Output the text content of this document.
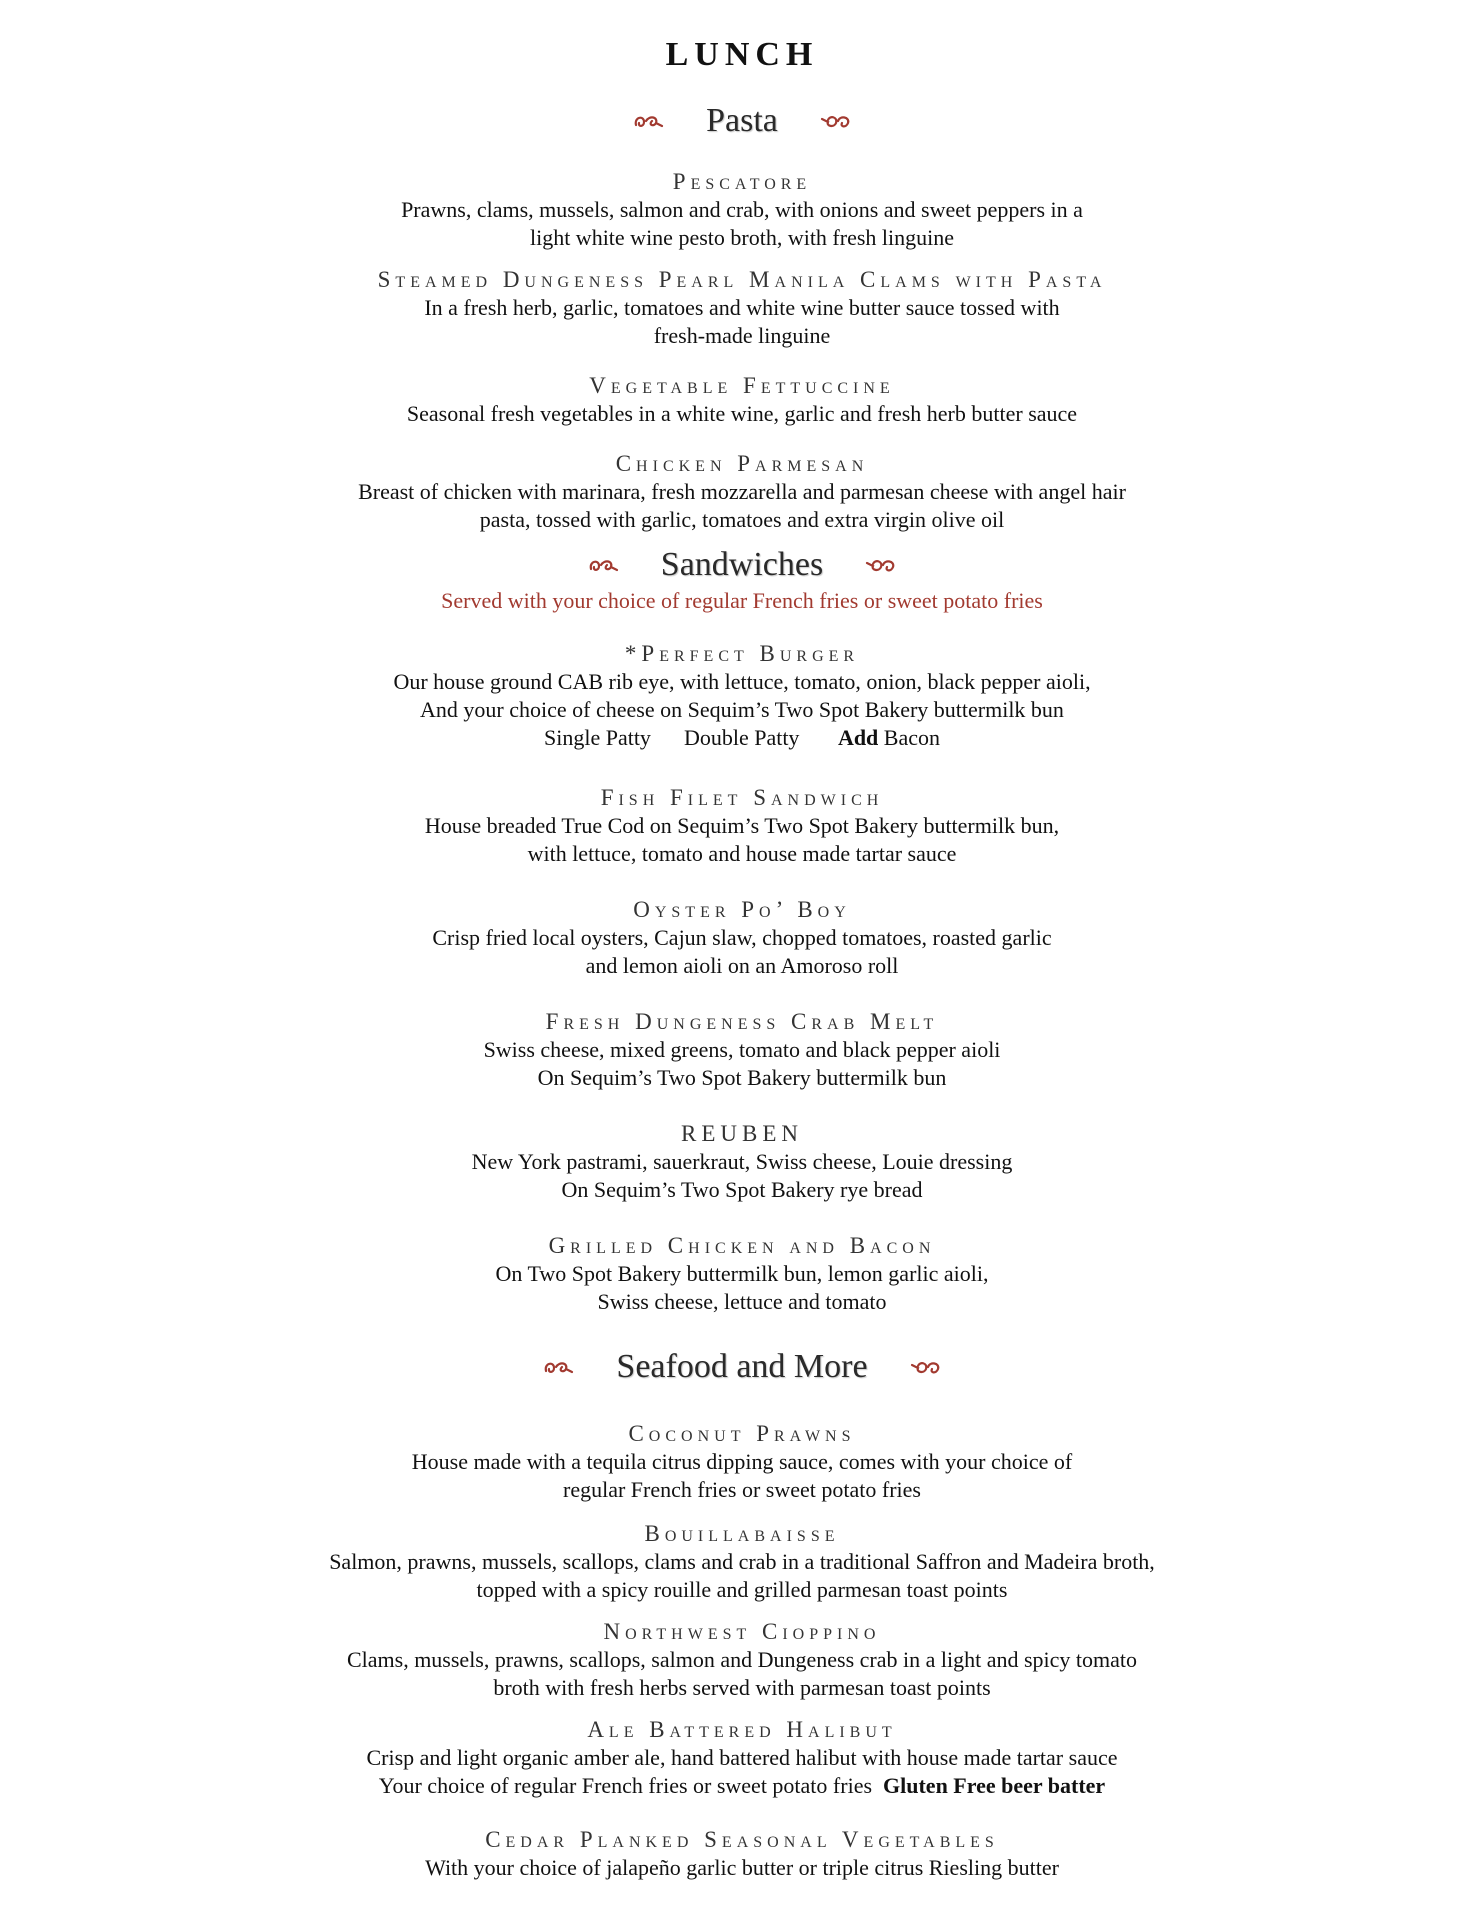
LUNCH
Pasta
Pescatore
Prawns, clams, mussels, salmon and crab, with onions and sweet peppers in a
light white wine pesto broth, with fresh linguine
Steamed Dungeness Pearl Manila Clams with Pasta
In a fresh herb, garlic, tomatoes and white wine butter sauce tossed with
fresh-made linguine
Vegetable Fettuccine
Seasonal fresh vegetables in a white wine, garlic and fresh herb butter sauce
Chicken Parmesan
Breast of chicken with marinara, fresh mozzarella and parmesan cheese with angel hair
pasta, tossed with garlic, tomatoes and extra virgin olive oil
Sandwiches
Served with your choice of regular French fries or sweet potato fries
*Perfect Burger
Our house ground CAB rib eye, with lettuce, tomato, onion, black pepper aioli,
And your choice of cheese on Sequim’s Two Spot Bakery buttermilk bun
Single Patty Double Patty Add Bacon
Fish Filet Sandwich
House breaded True Cod on Sequim’s Two Spot Bakery buttermilk bun,
with lettuce, tomato and house made tartar sauce
Oyster Po’ Boy
Crisp fried local oysters, Cajun slaw, chopped tomatoes, roasted garlic
and lemon aioli on an Amoroso roll
Fresh Dungeness Crab Melt
Swiss cheese, mixed greens, tomato and black pepper aioli
On Sequim’s Two Spot Bakery buttermilk bun
REUBEN
New York pastrami, sauerkraut, Swiss cheese, Louie dressing
On Sequim’s Two Spot Bakery rye bread
Grilled Chicken and Bacon
On Two Spot Bakery buttermilk bun, lemon garlic aioli,
Swiss cheese, lettuce and tomato
Seafood and More
Coconut Prawns
House made with a tequila citrus dipping sauce, comes with your choice of
regular French fries or sweet potato fries
Bouillabaisse
Salmon, prawns, mussels, scallops, clams and crab in a traditional Saffron and Madeira broth,
topped with a spicy rouille and grilled parmesan toast points
Northwest Cioppino
Clams, mussels, prawns, scallops, salmon and Dungeness crab in a light and spicy tomato
broth with fresh herbs served with parmesan toast points
Ale Battered Halibut
Crisp and light organic amber ale, hand battered halibut with house made tartar sauce
Your choice of regular French fries or sweet potato fries Gluten Free beer batter
Cedar Planked Seasonal Vegetables
With your choice of jalapeño garlic butter or triple citrus Riesling butter
